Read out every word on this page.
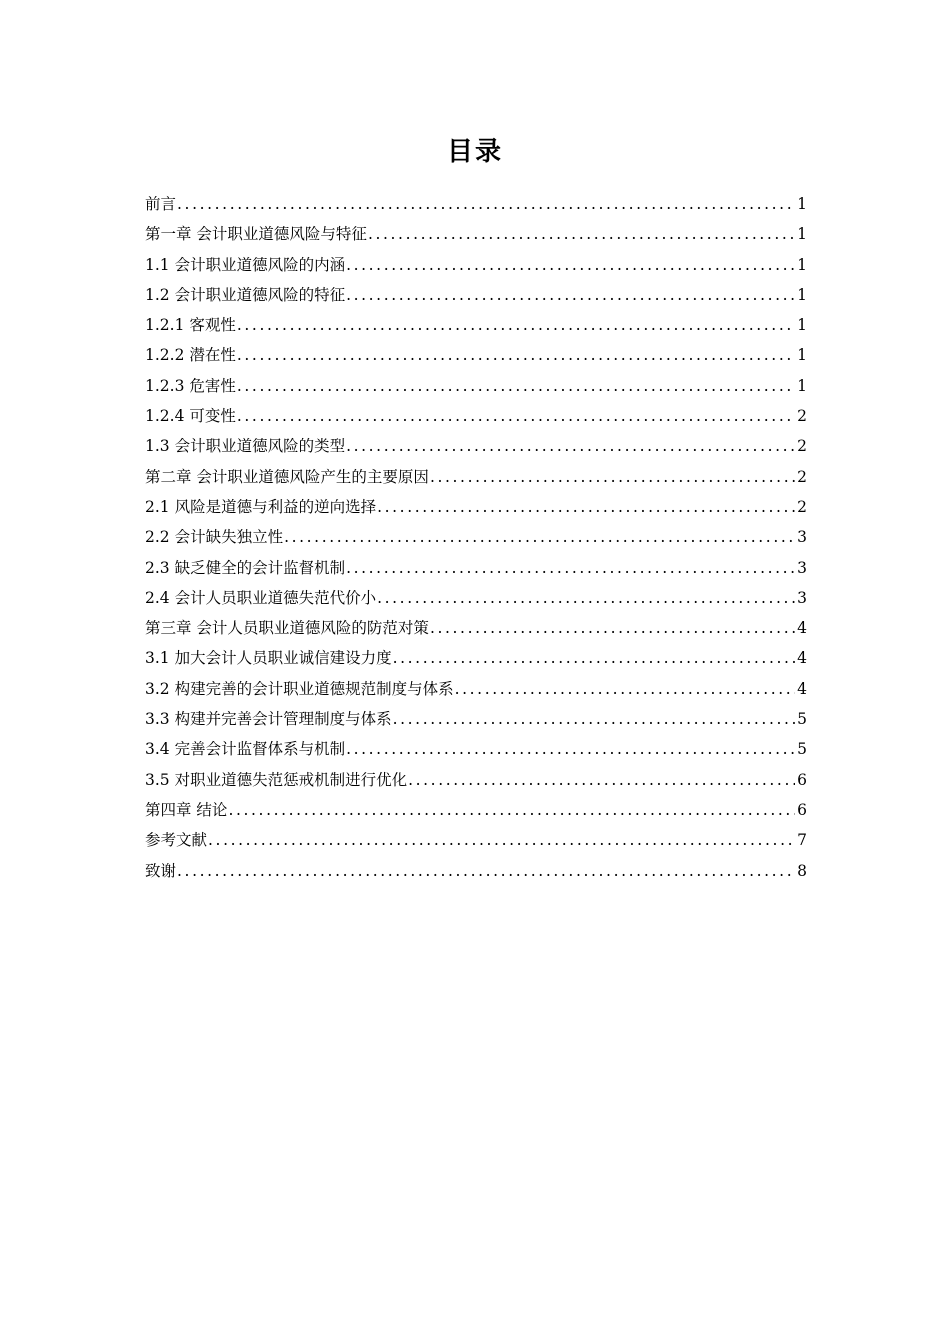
目录
前言 .....	1
第一章 会计职业道德风险与特征 .....	1
1.1 会计职业道德风险的内涵 .....	1
1.2 会计职业道德风险的特征 .....	1
1.2.1 客观性 .....	1
1.2.2 潜在性 .....	1
1.2.3 危害性 .....	1
1.2.4 可变性 .....	2
1.3 会计职业道德风险的类型 .....	2
第二章 会计职业道德风险产生的主要原因 .....	2
2.1 风险是道德与利益的逆向选择 .....	2
2.2 会计缺失独立性 .....	3
2.3 缺乏健全的会计监督机制 .....	3
2.4 会计人员职业道德失范代价小 .....	3
第三章 会计人员职业道德风险的防范对策 .....	4
3.1 加大会计人员职业诚信建设力度 .....	4
3.2 构建完善的会计职业道德规范制度与体系 .....	4
3.3 构建并完善会计管理制度与体系 .....	5
3.4 完善会计监督体系与机制 .....	5
3.5 对职业道德失范惩戒机制进行优化 .....	6
第四章 结论 .....	6
参考文献 .....	7
致谢 .....	8
